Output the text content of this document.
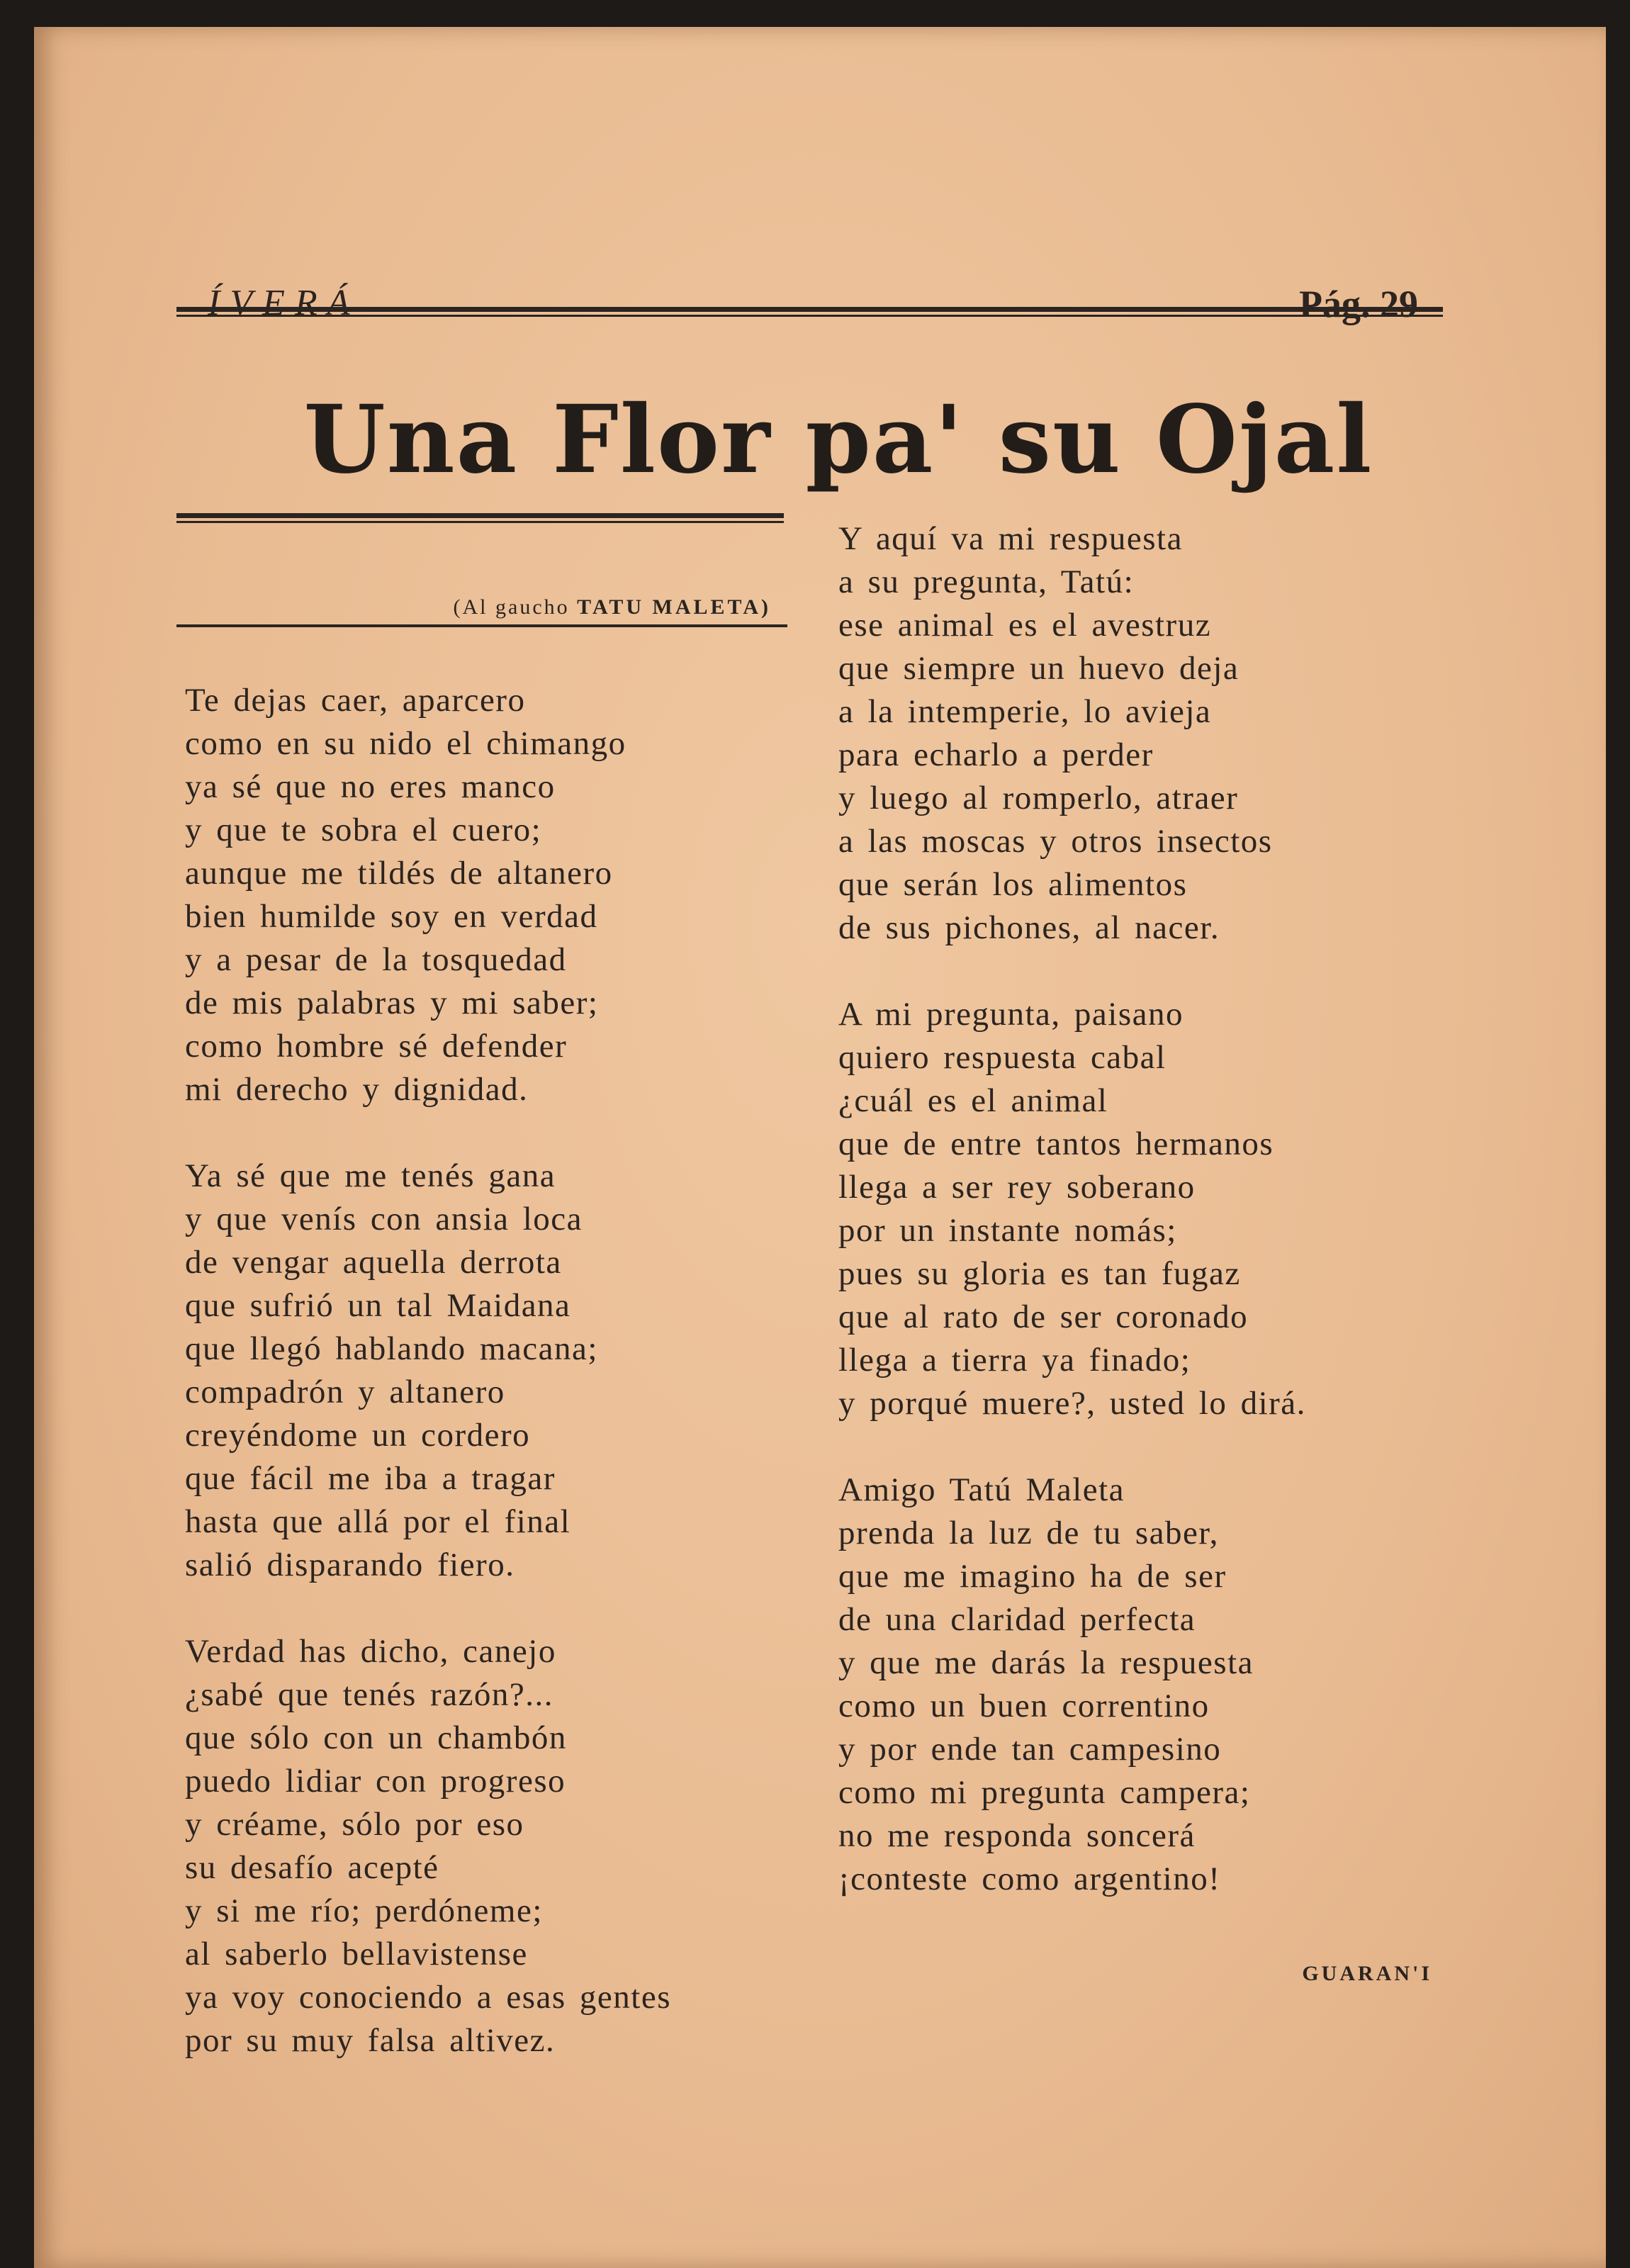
ÍVERÁ	Pág. 29
Una Flor pa' su Ojal
(Al gaucho TATU MALETA)
Te dejas caer, aparcero
como en su nido el chimango
ya sé que no eres manco
y que te sobra el cuero;
aunque me tildés de altanero
bien humilde soy en verdad
y a pesar de la tosquedad
de mis palabras y mi saber;
como hombre sé defender
mi derecho y dignidad.
Ya sé que me tenés gana
y que venís con ansia loca
de vengar aquella derrota
que sufrió un tal Maidana
que llegó hablando macana;
compadrón y altanero
creyéndome un cordero
que fácil me iba a tragar
hasta que allá por el final
salió disparando fiero.
Verdad has dicho, canejo
¿sabé que tenés razón?...
que sólo con un chambón
puedo lidiar con progreso
y créame, sólo por eso
su desafío acepté
y si me río; perdóneme;
al saberlo bellavistense
ya voy conociendo a esas gentes
por su muy falsa altivez.
Y aquí va mi respuesta
a su pregunta, Tatú:
ese animal es el avestruz
que siempre un huevo deja
a la intemperie, lo avieja
para echarlo a perder
y luego al romperlo, atraer
a las moscas y otros insectos
que serán los alimentos
de sus pichones, al nacer.
A mi pregunta, paisano
quiero respuesta cabal
¿cuál es el animal
que de entre tantos hermanos
llega a ser rey soberano
por un instante nomás;
pues su gloria es tan fugaz
que al rato de ser coronado
llega a tierra ya finado;
y porqué muere?, usted lo dirá.
Amigo Tatú Maleta
prenda la luz de tu saber,
que me imagino ha de ser
de una claridad perfecta
y que me darás la respuesta
como un buen correntino
y por ende tan campesino
como mi pregunta campera;
no me responda soncerá
¡conteste como argentino!
GUARAN'I
